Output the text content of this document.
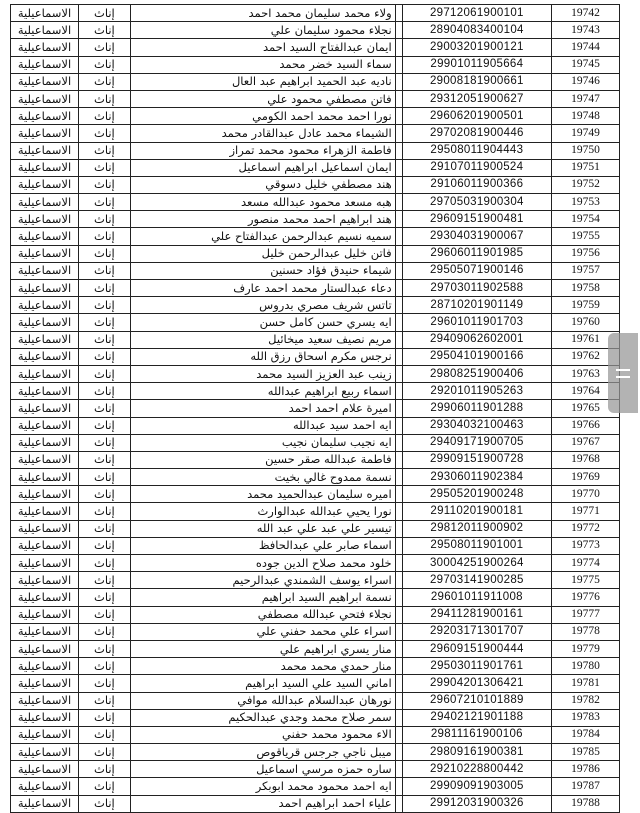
الاسماعيلية	إناث	ولاء محمد سليمان محمد احمد		29712061900101	19742
الاسماعيلية	إناث	نجلاء محمود سليمان علي		28904083400104	19743
الاسماعيلية	إناث	ايمان عبدالفتاح السيد احمد		29003201900121	19744
الاسماعيلية	إناث	سماء السيد خضر محمد		29901011905664	19745
الاسماعيلية	إناث	ناديه عبد الحميد ابراهيم عبد العال		29008181900661	19746
الاسماعيلية	إناث	فاتن مصطفي محمود علي		29312051900627	19747
الاسماعيلية	إناث	نورا احمد محمد احمد الكومي		29606201900501	19748
الاسماعيلية	إناث	الشيماء محمد عادل عبدالقادر محمد		29702081900446	19749
الاسماعيلية	إناث	فاطمة الزهراء محمود محمد تمراز		29508011904443	19750
الاسماعيلية	إناث	ايمان اسماعيل ابراهيم اسماعيل		29107011900524	19751
الاسماعيلية	إناث	هند مصطفي خليل دسوقي		29106011900366	19752
الاسماعيلية	إناث	هبه مسعد محمود عبدالله مسعد		29705031900304	19753
الاسماعيلية	إناث	هند ابراهيم احمد محمد منصور		29609151900481	19754
الاسماعيلية	إناث	سميه نسيم عبدالرحمن عبدالفتاح علي		29304031900067	19755
الاسماعيلية	إناث	فاتن خليل عبدالرحمن خليل		29606011901985	19756
الاسماعيلية	إناث	شيماء حنيدق فؤاد حسنين		29505071900146	19757
الاسماعيلية	إناث	دعاء عبدالستار محمد احمد عارف		29703011902588	19758
الاسماعيلية	إناث	تاتس شريف مصري بدروس		28710201901149	19759
الاسماعيلية	إناث	ايه يسري حسن كامل حسن		29601011901703	19760
الاسماعيلية	إناث	مريم نصيف سعيد ميخائيل		29409062602001	19761
الاسماعيلية	إناث	نرجس مكرم اسحاق رزق الله		29504101900166	19762
الاسماعيلية	إناث	زينب عبد العزيز السيد محمد		29808251900406	19763
الاسماعيلية	إناث	اسماء ربيع ابراهيم عبدالله		29201011905263	19764
الاسماعيلية	إناث	اميرة علام احمد احمد		29906011901288	19765
الاسماعيلية	إناث	ايه احمد سيد عبدالله		29304032100463	19766
الاسماعيلية	إناث	ايه نجيب سليمان نجيب		29409171900705	19767
الاسماعيلية	إناث	فاطمة عبدالله صقر حسين		29909151900728	19768
الاسماعيلية	إناث	نسمة ممدوح غالي بخيت		29306011902384	19769
الاسماعيلية	إناث	اميره سليمان عبدالحميد محمد		29505201900248	19770
الاسماعيلية	إناث	نورا يحيي عبدالله عبدالوارث		29110201900181	19771
الاسماعيلية	إناث	تيسير علي عبد علي عبد الله		29812011900902	19772
الاسماعيلية	إناث	اسماء صابر علي عبدالحافظ		29508011901001	19773
الاسماعيلية	إناث	خلود محمد صلاح الدين جوده		30004251900264	19774
الاسماعيلية	إناث	اسراء يوسف الشمندي عبدالرحيم		29703141900285	19775
الاسماعيلية	إناث	نسمة ابراهيم السيد ابراهيم		29601011911008	19776
الاسماعيلية	إناث	نجلاء فتحي عبدالله مصطفي		29411281900161	19777
الاسماعيلية	إناث	اسراء علي محمد حفني علي		29203171301707	19778
الاسماعيلية	إناث	منار يسري ابراهيم علي		29609151900444	19779
الاسماعيلية	إناث	منار حمدي محمد محمد		29503011901761	19780
الاسماعيلية	إناث	اماني السيد علي السيد ابراهيم		29904201306421	19781
الاسماعيلية	إناث	نورهان عبدالسلام عبدالله موافي		29607210101889	19782
الاسماعيلية	إناث	سمر صلاح محمد وجدي عبدالحكيم		29402121901188	19783
الاسماعيلية	إناث	الاء محمود محمد حفني		29811161900106	19784
الاسماعيلية	إناث	ميبل ناجي جرجس قرياقوص		29809161900381	19785
الاسماعيلية	إناث	ساره حمزه مرسي اسماعيل		29210228800442	19786
الاسماعيلية	إناث	ايه احمد محمود محمد ابوبكر		29909091903005	19787
الاسماعيلية	إناث	علياء احمد ابراهيم احمد		29912031900326	19788
